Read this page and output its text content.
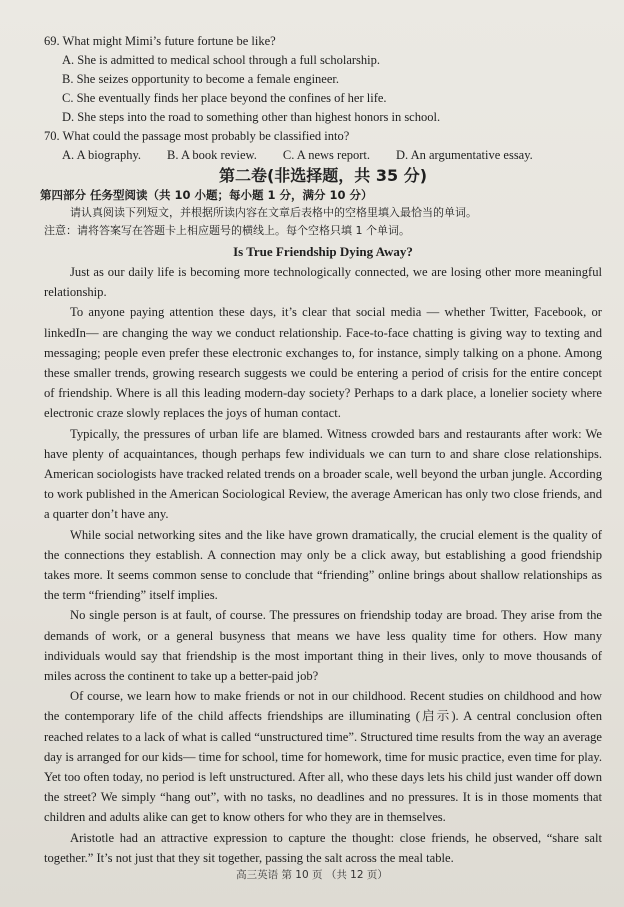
69. What might Mimi’s future fortune be like?
A. She is admitted to medical school through a full scholarship.
B. She seizes opportunity to become a female engineer.
C. She eventually finds her place beyond the confines of her life.
D. She steps into the road to something other than highest honors in school.
70. What could the passage most probably be classified into?
A. A biography. B. A book review. C. A news report. D. An argumentative essay.
第二卷(非选择题，共 35 分)
第四部分 任务型阅读（共 10 小题；每小题 1 分，满分 10 分）
请认真阅读下列短文，并根据所读内容在文章后表格中的空格里填入最恰当的单词。
注意：请将答案写在答题卡上相应题号的横线上。每个空格只填 1 个单词。
Is True Friendship Dying Away?

Just as our daily life is becoming more technologically connected, we are losing other more meaningful relationship.

To anyone paying attention these days, it’s clear that social media — whether Twitter, Facebook, or linkedIn— are changing the way we conduct relationship. Face-to-face chatting is giving way to texting and messaging; people even prefer these electronic exchanges to, for instance, simply talking on a phone. Among these smaller trends, growing research suggests we could be entering a period of crisis for the entire concept of friendship. Where is all this leading modern-day society? Perhaps to a dark place, a lonelier society where electronic craze slowly replaces the joys of human contact.

Typically, the pressures of urban life are blamed. Witness crowded bars and restaurants after work: We have plenty of acquaintances, though perhaps few individuals we can turn to and share close relationships. American sociologists have tracked related trends on a broader scale, well beyond the urban jungle. According to work published in the American Sociological Review, the average American has only two close friends, and a quarter don’t have any.

While social networking sites and the like have grown dramatically, the crucial element is the quality of the connections they establish. A connection may only be a click away, but establishing a good friendship takes more. It seems common sense to conclude that “friending” online brings about shallow relationships as the term “friending” itself implies.

No single person is at fault, of course. The pressures on friendship today are broad. They arise from the demands of work, or a general busyness that means we have less quality time for others. How many individuals would say that friendship is the most important thing in their lives, only to move thousands of miles across the continent to take up a better-paid job?

Of course, we learn how to make friends or not in our childhood. Recent studies on childhood and how the contemporary life of the child affects friendships are illuminating (启示). A central conclusion often reached relates to a lack of what is called “unstructured time”. Structured time results from the way an average day is arranged for our kids— time for school, time for homework, time for music practice, even time for play. Yet too often today, no period is left unstructured. After all, who these days lets his child just wander off down the street? We simply “hang out”, with no tasks, no deadlines and no pressures. It is in those moments that children and adults alike can get to know others for who they are in themselves.

Aristotle had an attractive expression to capture the thought: close friends, he observed, “share salt together.” It’s not just that they sit together, passing the salt across the meal table.

高三英语 第 10 页 （共 12 页）
